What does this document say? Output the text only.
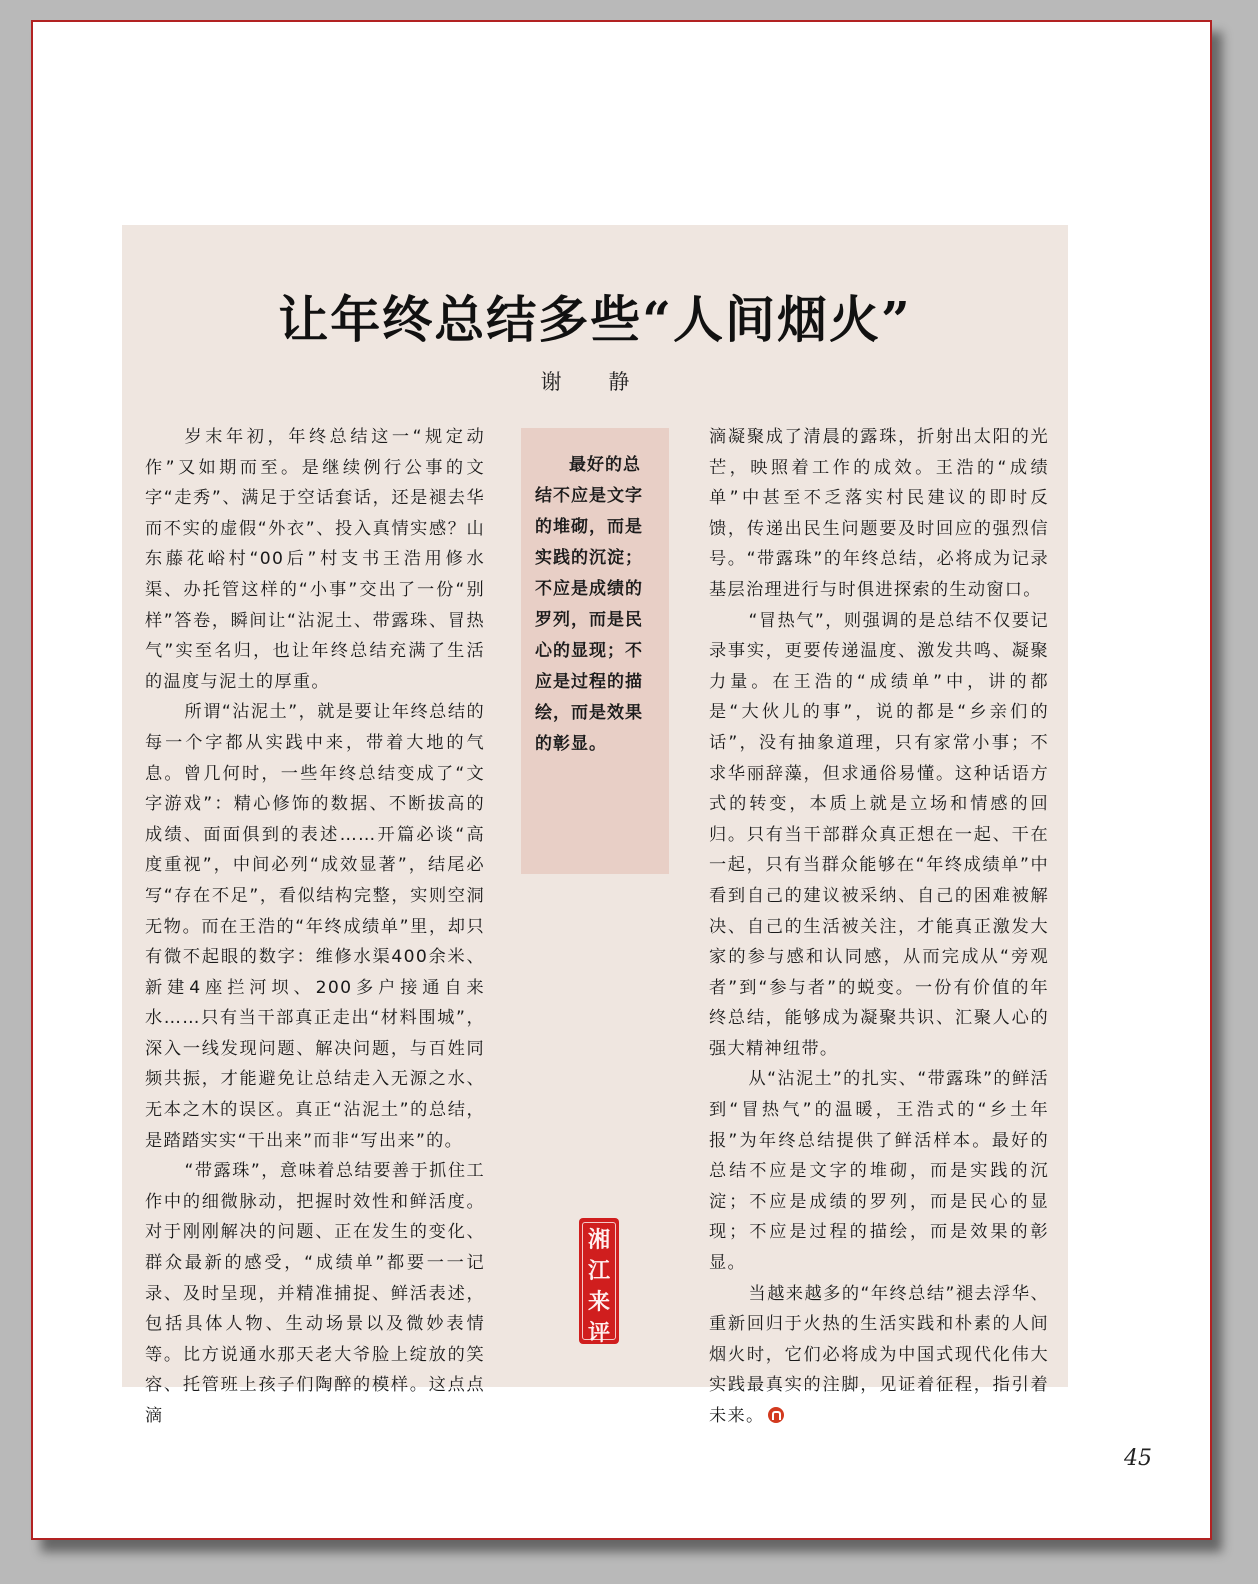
让年终总结多些“人间烟火”
谢 静

岁末年初，年终总结这一“规定动作”又如期而至。是继续例行公事的文字“走秀”、满足于空话套话，还是褪去华而不实的虚假“外衣”、投入真情实感？山东藤花峪村“00后”村支书王浩用修水渠、办托管这样的“小事”交出了一份“别样”答卷，瞬间让“沾泥土、带露珠、冒热气”实至名归，也让年终总结充满了生活的温度与泥土的厚重。

所谓“沾泥土”，就是要让年终总结的每一个字都从实践中来，带着大地的气息。曾几何时，一些年终总结变成了“文字游戏”：精心修饰的数据、不断拔高的成绩、面面俱到的表述……开篇必谈“高度重视”，中间必列“成效显著”，结尾必写“存在不足”，看似结构完整，实则空洞无物。而在王浩的“年终成绩单”里，却只有微不起眼的数字：维修水渠400余米、新建4座拦河坝、200多户接通自来水……只有当干部真正走出“材料围城”，深入一线发现问题、解决问题，与百姓同频共振，才能避免让总结走入无源之水、无本之木的误区。真正“沾泥土”的总结，是踏踏实实“干出来”而非“写出来”的。

“带露珠”，意味着总结要善于抓住工作中的细微脉动，把握时效性和鲜活度。对于刚刚解决的问题、正在发生的变化、群众最新的感受，“成绩单”都要一一记录、及时呈现，并精准捕捉、鲜活表述，包括具体人物、生动场景以及微妙表情等。比方说通水那天老大爷脸上绽放的笑容、托管班上孩子们陶醉的模样。这点点滴

最好的总结不应是文字的堆砌，而是实践的沉淀；不应是成绩的罗列，而是民心的显现；不应是过程的描绘，而是效果的彰显。

滴凝聚成了清晨的露珠，折射出太阳的光芒，映照着工作的成效。王浩的“成绩单”中甚至不乏落实村民建议的即时反馈，传递出民生问题要及时回应的强烈信号。“带露珠”的年终总结，必将成为记录基层治理进行与时俱进探索的生动窗口。

“冒热气”，则强调的是总结不仅要记录事实，更要传递温度、激发共鸣、凝聚力量。在王浩的“成绩单”中，讲的都是“大伙儿的事”，说的都是“乡亲们的话”，没有抽象道理，只有家常小事；不求华丽辞藻，但求通俗易懂。这种话语方式的转变，本质上就是立场和情感的回归。只有当干部群众真正想在一起、干在一起，只有当群众能够在“年终成绩单”中看到自己的建议被采纳、自己的困难被解决、自己的生活被关注，才能真正激发大家的参与感和认同感，从而完成从“旁观者”到“参与者”的蜕变。一份有价值的年终总结，能够成为凝聚共识、汇聚人心的强大精神纽带。

从“沾泥土”的扎实、“带露珠”的鲜活到“冒热气”的温暖，王浩式的“乡土年报”为年终总结提供了鲜活样本。最好的总结不应是文字的堆砌，而是实践的沉淀；不应是成绩的罗列，而是民心的显现；不应是过程的描绘，而是效果的彰显。

当越来越多的“年终总结”褪去浮华、重新回归于火热的生活实践和朴素的人间烟火时，它们必将成为中国式现代化伟大实践最真实的注脚，见证着征程，指引着未来。

湘
江
来
评
45
